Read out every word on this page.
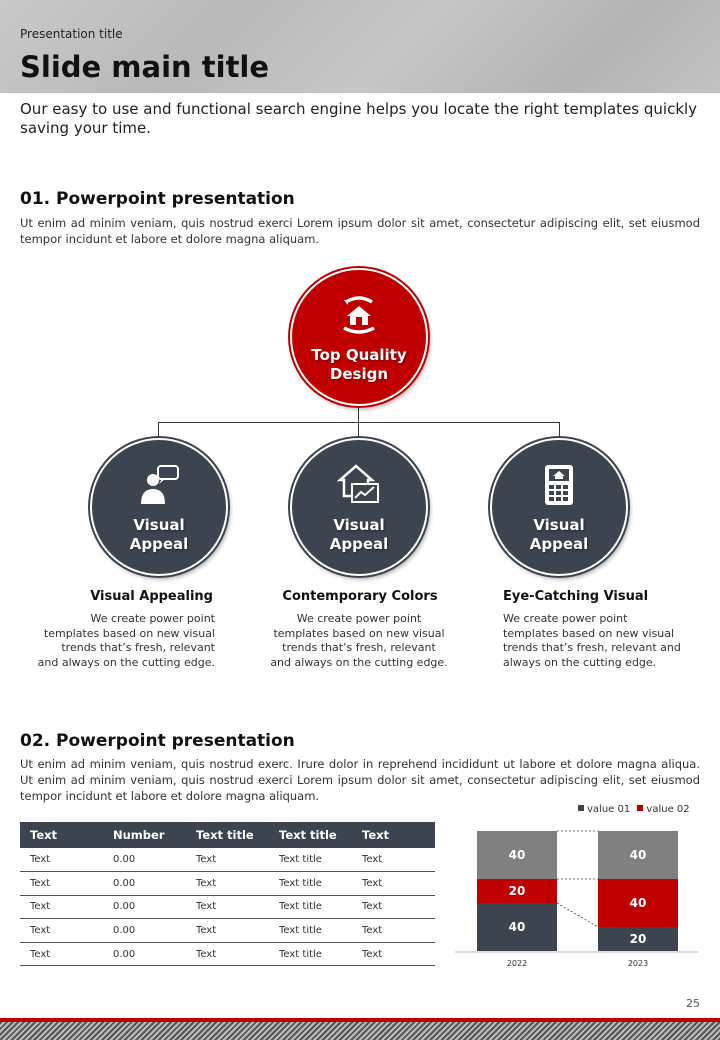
Presentation title
Slide main title
Our easy to use and functional search engine helps you locate the right templates quickly saving your time.
01. Powerpoint presentation
Ut enim ad minim veniam, quis nostrud exerci Lorem ipsum dolor sit amet, consectetur adipiscing elit, set eiusmod tempor incidunt et labore et dolore magna aliquam.
Top Quality
Design
Visual
Appeal
Visual
Appeal
Visual
Appeal
Visual Appealing
We create power point
templates based on new visual
trends that’s fresh, relevant
and always on the cutting edge.
Contemporary Colors
We create power point
templates based on new visual
trends that’s fresh, relevant
and always on the cutting edge.
Eye-Catching Visual
We create power point
templates based on new visual
trends that’s fresh, relevant and
always on the cutting edge.
02. Powerpoint presentation
Ut enim ad minim veniam, quis nostrud exerc. Irure dolor in reprehend incididunt ut labore et dolore magna aliqua. Ut enim ad minim veniam, quis nostrud exerci Lorem ipsum dolor sit amet, consectetur adipiscing elit, set eiusmod tempor incidunt et labore et dolore magna aliquam.
Text	Number	Text title	Text title	Text
Text	0.00	Text	Text title	Text
Text	0.00	Text	Text title	Text
Text	0.00	Text	Text title	Text
Text	0.00	Text	Text title	Text
Text	0.00	Text	Text title	Text
value 01 value 02
40
20
40
2022
20
40
40
2023
25
